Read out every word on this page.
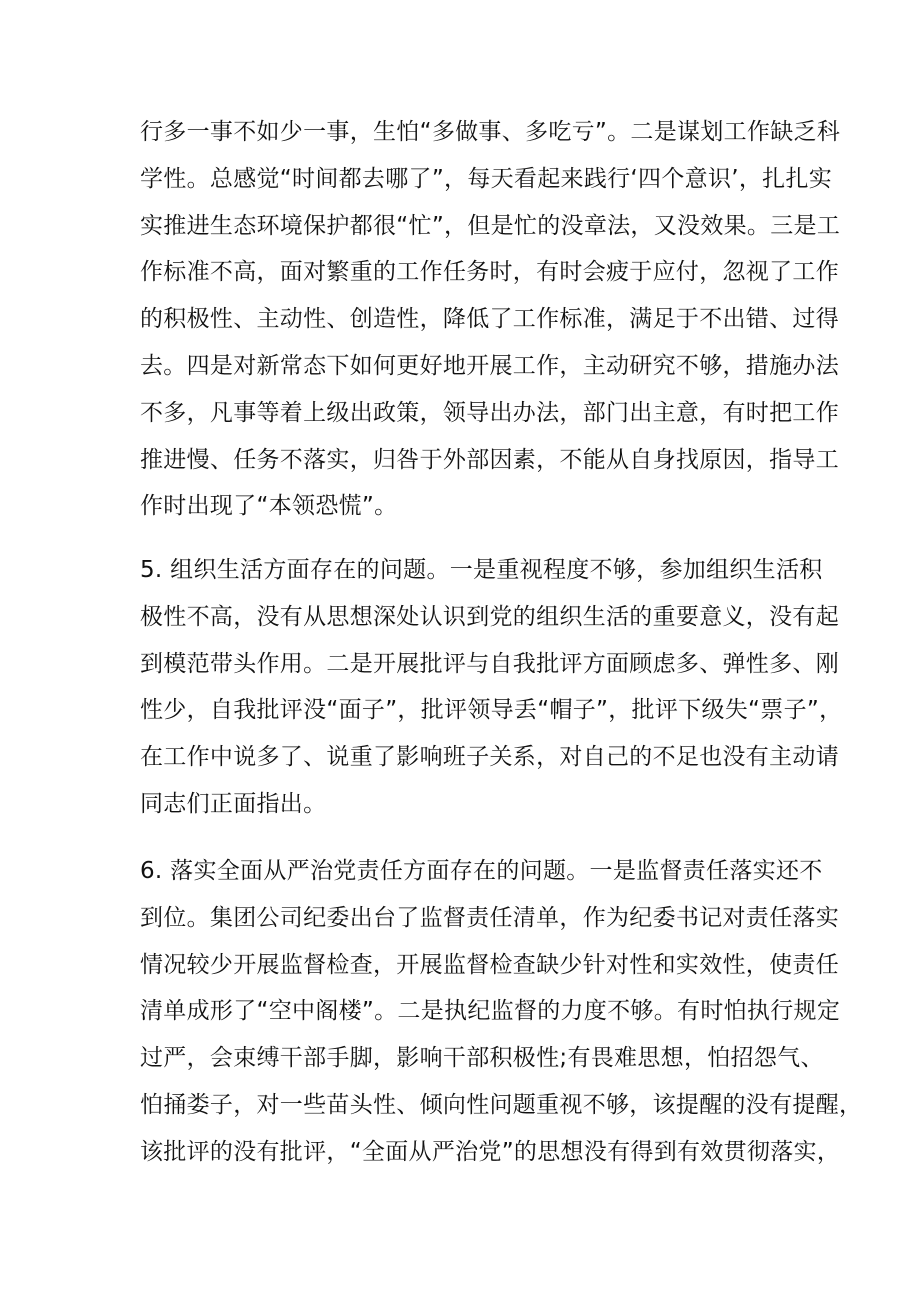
行多一事不如少一事，生怕“多做事、多吃亏”。二是谋划工作缺乏科
学性。总感觉“时间都去哪了”，每天看起来践行‘四个意识’，扎扎实
实推进生态环境保护都很“忙”，但是忙的没章法，又没效果。三是工
作标准不高，面对繁重的工作任务时，有时会疲于应付，忽视了工作
的积极性、主动性、创造性，降低了工作标准，满足于不出错、过得
去。四是对新常态下如何更好地开展工作，主动研究不够，措施办法
不多，凡事等着上级出政策，领导出办法，部门出主意，有时把工作
推进慢、任务不落实，归咎于外部因素，不能从自身找原因，指导工
作时出现了“本领恐慌”。

5. 组织生活方面存在的问题。一是重视程度不够，参加组织生活积
极性不高，没有从思想深处认识到党的组织生活的重要意义，没有起
到模范带头作用。二是开展批评与自我批评方面顾虑多、弹性多、刚
性少，自我批评没“面子”，批评领导丢“帽子”，批评下级失“票子”，
在工作中说多了、说重了影响班子关系，对自己的不足也没有主动请
同志们正面指出。

6. 落实全面从严治党责任方面存在的问题。一是监督责任落实还不
到位。集团公司纪委出台了监督责任清单，作为纪委书记对责任落实
情况较少开展监督检查，开展监督检查缺少针对性和实效性，使责任
清单成形了“空中阁楼”。二是执纪监督的力度不够。有时怕执行规定
过严，会束缚干部手脚，影响干部积极性;有畏难思想，怕招怨气、
怕捅娄子，对一些苗头性、倾向性问题重视不够，该提醒的没有提醒，
该批评的没有批评，“全面从严治党”的思想没有得到有效贯彻落实，
